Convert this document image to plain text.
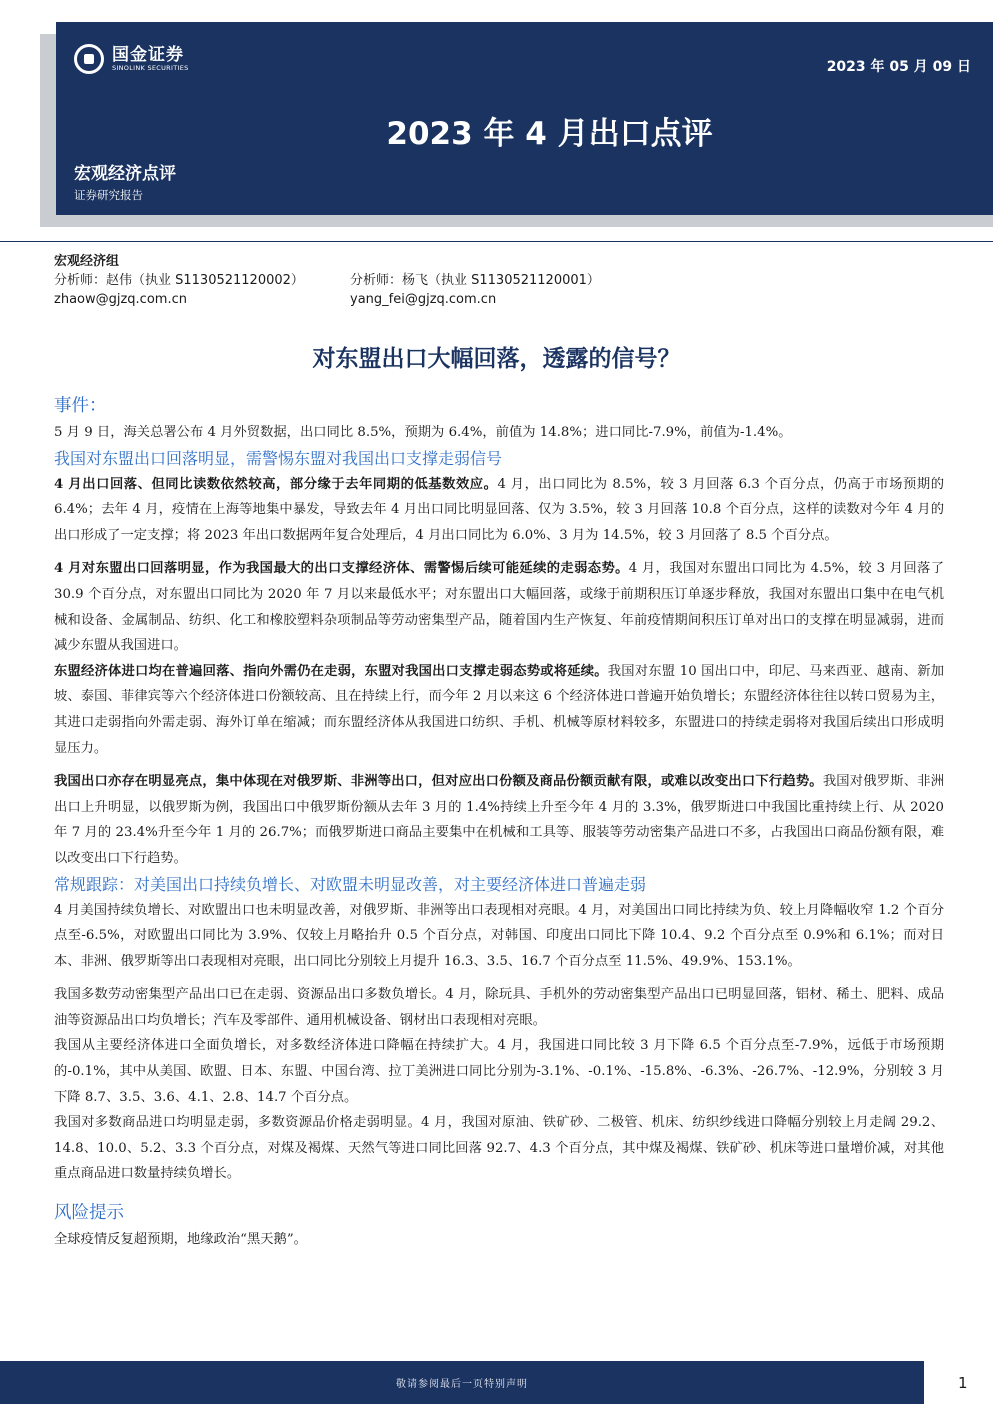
国金证券
SINOLINK SECURITIES	2023 年 05 月 09 日
2023 年 4 月出口点评
宏观经济点评
证券研究报告
宏观经济组
分析师：赵伟（执业 S1130521120002）	分析师：杨飞（执业 S1130521120001）
zhaow@gjzq.com.cn	yang_fei@gjzq.com.cn
对东盟出口大幅回落，透露的信号？
事件：

5 月 9 日，海关总署公布 4 月外贸数据，出口同比 8.5%，预期为 6.4%，前值为 14.8%；进口同比-7.9%，前值为-1.4%。

我国对东盟出口回落明显，需警惕东盟对我国出口支撑走弱信号

4 月出口回落、但同比读数依然较高，部分缘于去年同期的低基数效应。4 月，出口同比为 8.5%，较 3 月回落 6.3 个百分点，仍高于市场预期的 6.4%；去年 4 月，疫情在上海等地集中暴发，导致去年 4 月出口同比明显回落、仅为 3.5%，较 3 月回落 10.8 个百分点，这样的读数对今年 4 月的出口形成了一定支撑；将 2023 年出口数据两年复合处理后，4 月出口同比为 6.0%、3 月为 14.5%，较 3 月回落了 8.5 个百分点。

4 月对东盟出口回落明显，作为我国最大的出口支撑经济体、需警惕后续可能延续的走弱态势。4 月，我国对东盟出口同比为 4.5%，较 3 月回落了 30.9 个百分点，对东盟出口同比为 2020 年 7 月以来最低水平；对东盟出口大幅回落，或缘于前期积压订单逐步释放，我国对东盟出口集中在电气机械和设备、金属制品、纺织、化工和橡胶塑料杂项制品等劳动密集型产品，随着国内生产恢复、年前疫情期间积压订单对出口的支撑在明显减弱，进而减少东盟从我国进口。

东盟经济体进口均在普遍回落、指向外需仍在走弱，东盟对我国出口支撑走弱态势或将延续。我国对东盟 10 国出口中，印尼、马来西亚、越南、新加坡、泰国、菲律宾等六个经济体进口份额较高、且在持续上行，而今年 2 月以来这 6 个经济体进口普遍开始负增长；东盟经济体往往以转口贸易为主，其进口走弱指向外需走弱、海外订单在缩减；而东盟经济体从我国进口纺织、手机、机械等原材料较多，东盟进口的持续走弱将对我国后续出口形成明显压力。

我国出口亦存在明显亮点，集中体现在对俄罗斯、非洲等出口，但对应出口份额及商品份额贡献有限，或难以改变出口下行趋势。我国对俄罗斯、非洲出口上升明显，以俄罗斯为例，我国出口中俄罗斯份额从去年 3 月的 1.4%持续上升至今年 4 月的 3.3%，俄罗斯进口中我国比重持续上行、从 2020 年 7 月的 23.4%升至今年 1 月的 26.7%；而俄罗斯进口商品主要集中在机械和工具等、服装等劳动密集产品进口不多，占我国出口商品份额有限，难以改变出口下行趋势。

常规跟踪：对美国出口持续负增长、对欧盟未明显改善，对主要经济体进口普遍走弱

4 月美国持续负增长、对欧盟出口也未明显改善，对俄罗斯、非洲等出口表现相对亮眼。4 月，对美国出口同比持续为负、较上月降幅收窄 1.2 个百分点至-6.5%，对欧盟出口同比为 3.9%、仅较上月略抬升 0.5 个百分点，对韩国、印度出口同比下降 10.4、9.2 个百分点至 0.9%和 6.1%；而对日本、非洲、俄罗斯等出口表现相对亮眼，出口同比分别较上月提升 16.3、3.5、16.7 个百分点至 11.5%、49.9%、153.1%。

我国多数劳动密集型产品出口已在走弱、资源品出口多数负增长。4 月，除玩具、手机外的劳动密集型产品出口已明显回落，铝材、稀土、肥料、成品油等资源品出口均负增长；汽车及零部件、通用机械设备、钢材出口表现相对亮眼。

我国从主要经济体进口全面负增长，对多数经济体进口降幅在持续扩大。4 月，我国进口同比较 3 月下降 6.5 个百分点至-7.9%，远低于市场预期的-0.1%，其中从美国、欧盟、日本、东盟、中国台湾、拉丁美洲进口同比分别为-3.1%、-0.1%、-15.8%、-6.3%、-26.7%、-12.9%，分别较 3 月下降 8.7、3.5、3.6、4.1、2.8、14.7 个百分点。

我国对多数商品进口均明显走弱，多数资源品价格走弱明显。4 月，我国对原油、铁矿砂、二极管、机床、纺织纱线进口降幅分别较上月走阔 29.2、14.8、10.0、5.2、3.3 个百分点，对煤及褐煤、天然气等进口同比回落 92.7、4.3 个百分点，其中煤及褐煤、铁矿砂、机床等进口量增价减，对其他重点商品进口数量持续负增长。

风险提示

全球疫情反复超预期，地缘政治“黑天鹅”。

敬请参阅最后一页特别声明	1
